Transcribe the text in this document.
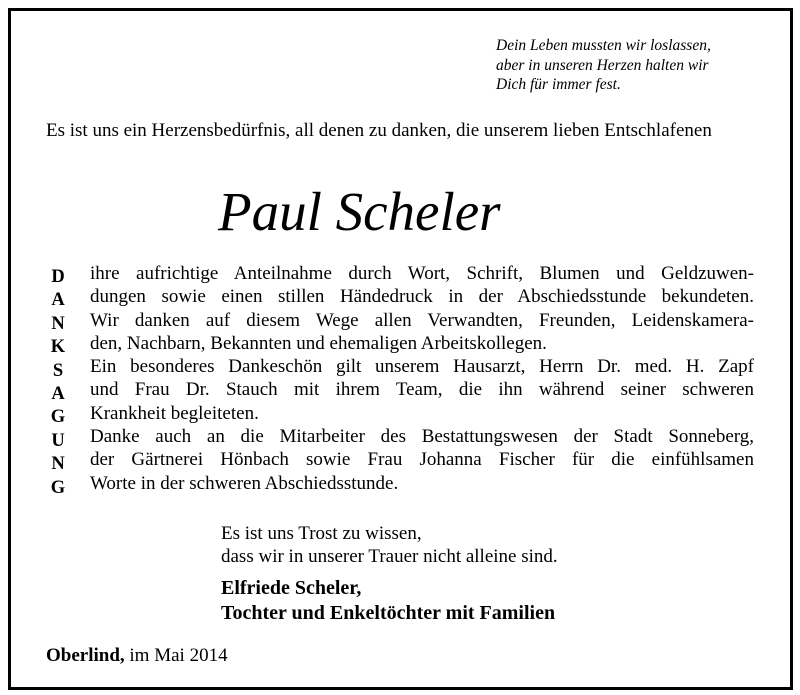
Dein Leben mussten wir loslassen,
aber in unseren Herzen halten wir
Dich für immer fest.
Es ist uns ein Herzensbedürfnis, all denen zu danken, die unserem lieben Entschlafenen
Paul Scheler
D
A
N
K
S
A
G
U
N
G
ihre aufrichtige Anteilnahme durch Wort, Schrift, Blumen und Geldzuwen-
dungen sowie einen stillen Händedruck in der Abschiedsstunde bekundeten.
Wir danken auf diesem Wege allen Verwandten, Freunden, Leidenskamera-
den, Nachbarn, Bekannten und ehemaligen Arbeitskollegen.
Ein besonderes Dankeschön gilt unserem Hausarzt, Herrn Dr. med. H. Zapf
und Frau Dr. Stauch mit ihrem Team, die ihn während seiner schweren
Krankheit begleiteten.
Danke auch an die Mitarbeiter des Bestattungswesen der Stadt Sonneberg,
der Gärtnerei Hönbach sowie Frau Johanna Fischer für die einfühlsamen
Worte in der schweren Abschiedsstunde.
Es ist uns Trost zu wissen,
dass wir in unserer Trauer nicht alleine sind.
Elfriede Scheler,
Tochter und Enkeltöchter mit Familien
Oberlind, im Mai 2014
